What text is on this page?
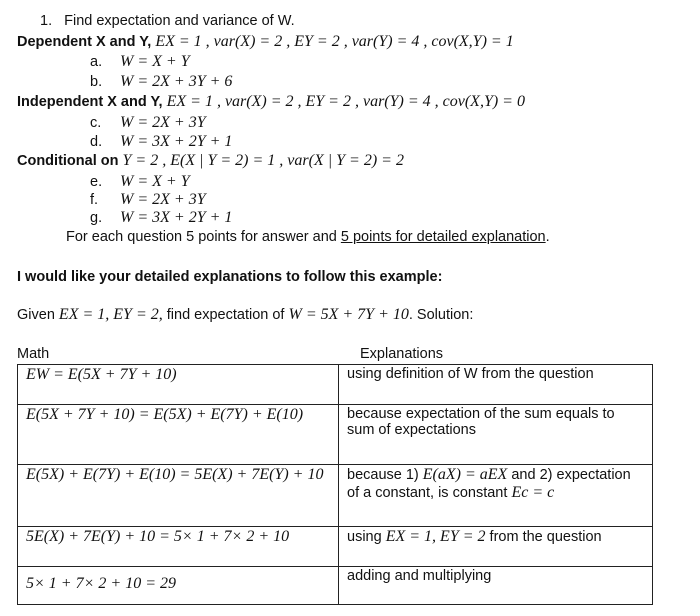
1. Find expectation and variance of W.
Dependent X and Y, EX = 1 , var(X) = 2 , EY = 2 , var(Y) = 4 , cov(X,Y) = 1
a. W = X + Y
b. W = 2X + 3Y + 6
Independent X and Y, EX = 1 , var(X) = 2 , EY = 2 , var(Y) = 4 , cov(X,Y) = 0
c. W = 2X + 3Y
d. W = 3X + 2Y + 1
Conditional on Y = 2 , E(X | Y = 2) = 1 , var(X | Y = 2) = 2
e. W = X + Y
f. W = 2X + 3Y
g. W = 3X + 2Y + 1
For each question 5 points for answer and 5 points for detailed explanation.
I would like your detailed explanations to follow this example:
Given EX = 1, EY = 2, find expectation of W = 5X + 7Y + 10. Solution:
Math	Explanations
EW = E(5X + 7Y + 10)	using definition of W from the question

E(5X + 7Y + 10) = E(5X) + E(7Y) + E(10)	because expectation of the sum equals to sum of expectations

E(5X) + E(7Y) + E(10) = 5E(X) + 7E(Y) + 10	because 1) E(aX) = aEX and 2) expectation of a constant, is constant Ec = c

5E(X) + 7E(Y) + 10 = 5× 1 + 7× 2 + 10	using EX = 1, EY = 2 from the question

5× 1 + 7× 2 + 10 = 29	adding and multiplying
